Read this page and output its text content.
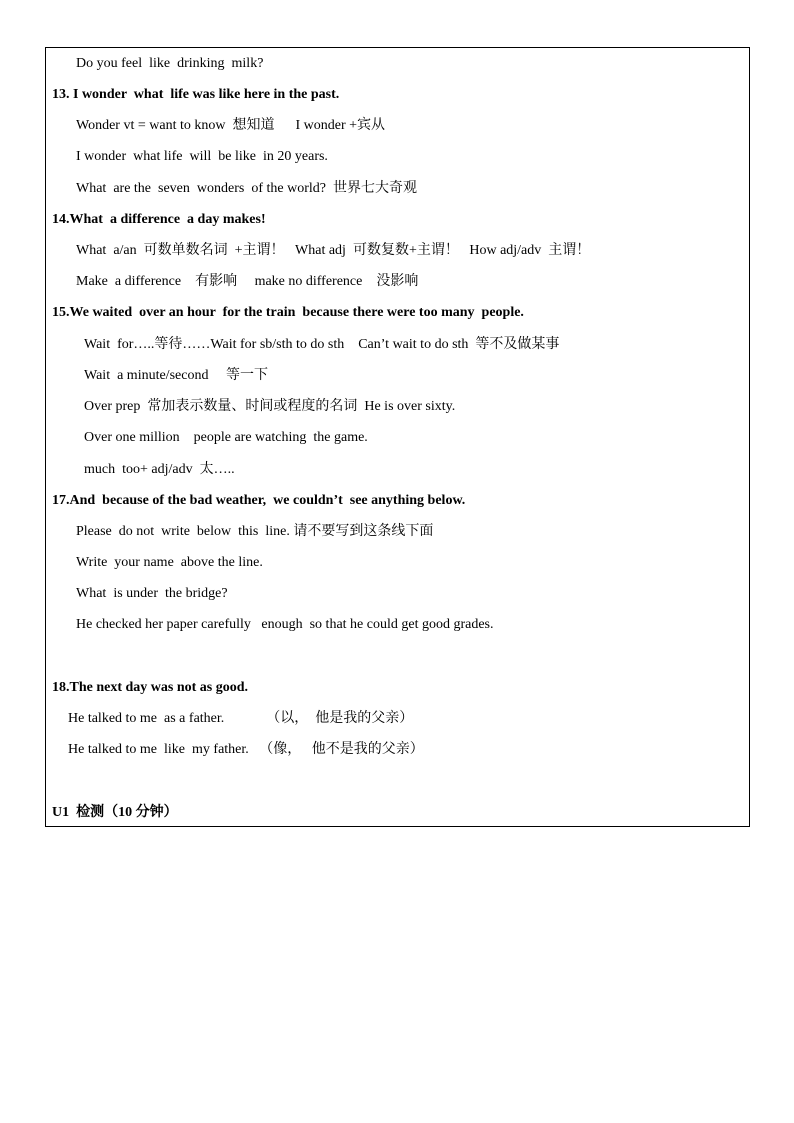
Do you feel  like  drinking  milk?
13. I wonder  what  life was like here in the past.
Wonder vt = want to know  想知道      I wonder +宾从
I wonder  what life  will  be like  in 20 years.
What  are the  seven  wonders  of the world?  世界七大奇观
14.What  a difference  a day makes!
What  a/an  可数单数名词  +主谓！   What adj  可数复数+主谓！   How adj/adv  主谓！
Make  a difference    有影响     make no difference    没影响
15.We waited  over an hour  for the train  because there were too many  people.
Wait  for…..等待……Wait for sb/sth to do sth    Can’t wait to do sth  等不及做某事
Wait  a minute/second     等一下
Over prep  常加表示数量、时间或程度的名词  He is over sixty.
Over one million    people are watching  the game.
much  too+ adj/adv  太…..
17.And  because of the bad weather,  we couldn’t  see anything below.
Please  do not  write  below  this  line. 请不要写到这条线下面
Write  your name  above the line.
What  is under  the bridge?
He checked her paper carefully   enough  so that he could get good grades.
18.The next day was not as good.
He talked to me  as a father.            （以，  他是我的父亲）
He talked to me  like  my father.   （像，   他不是我的父亲）
U1  检测（10 分钟）
